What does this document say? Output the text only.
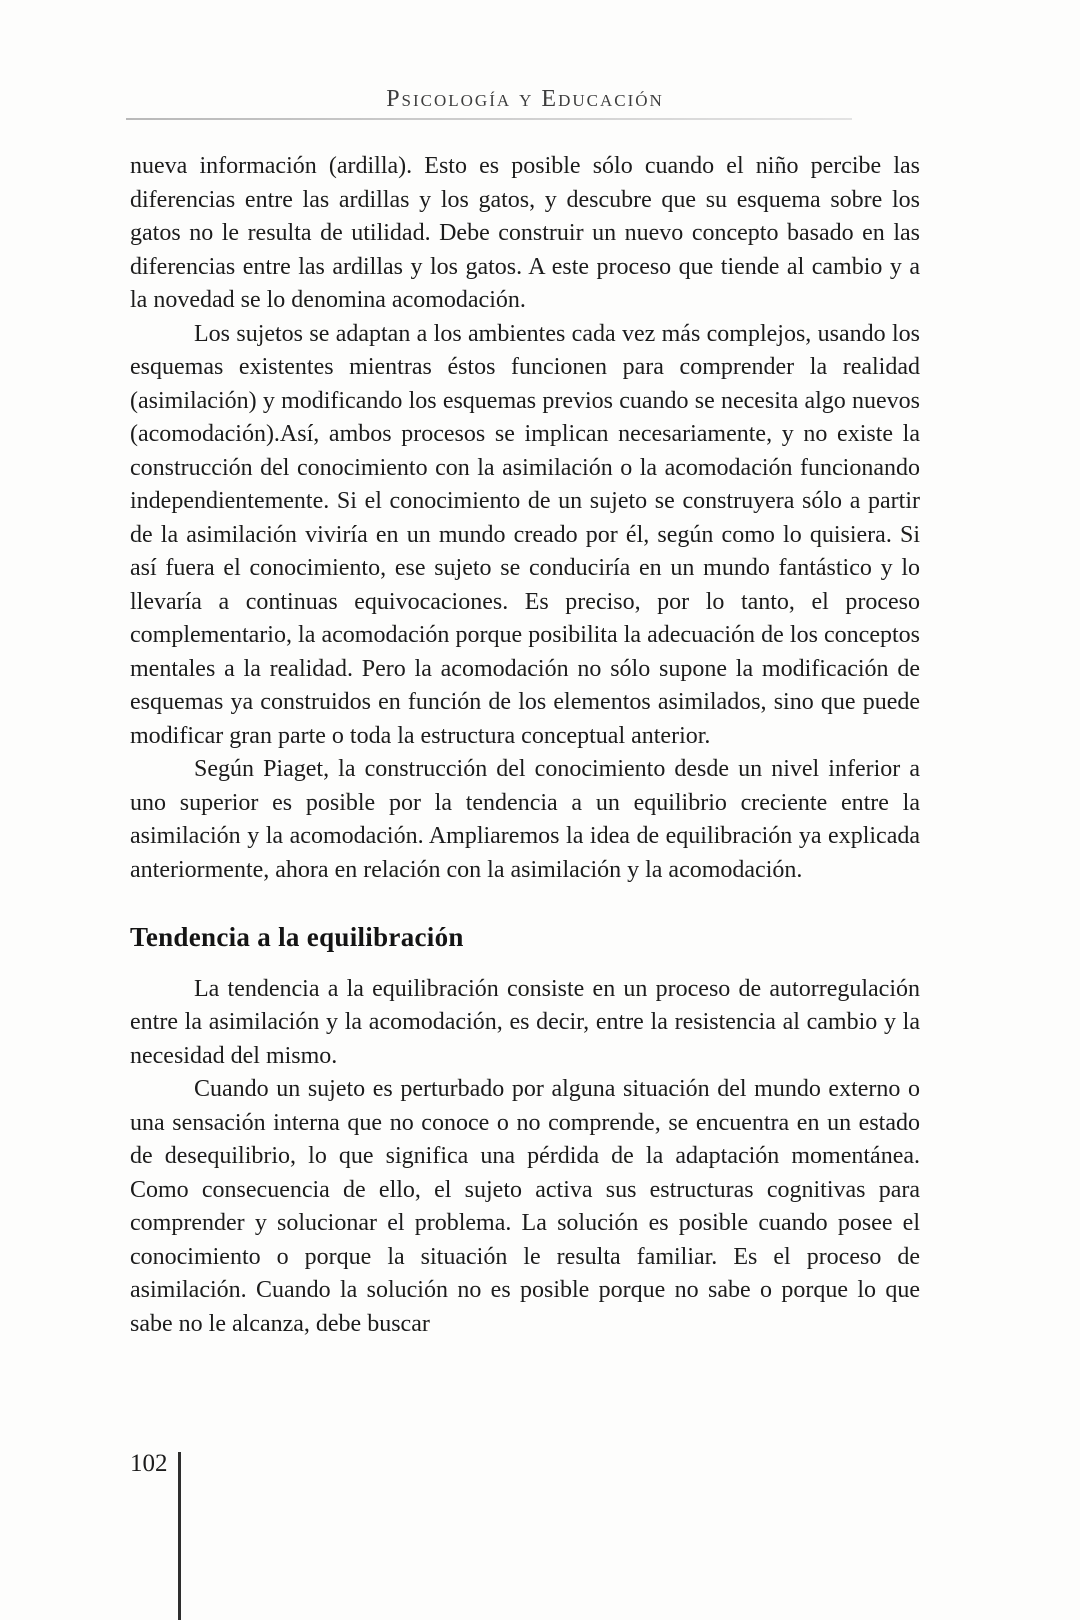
Psicología y Educación

nueva información (ardilla). Esto es posible sólo cuando el niño percibe las diferencias entre las ardillas y los gatos, y descubre que su esquema sobre los gatos no le resulta de utilidad. Debe construir un nuevo concepto basado en las diferencias entre las ardillas y los gatos. A este proceso que tiende al cambio y a la novedad se lo denomina acomodación.

Los sujetos se adaptan a los ambientes cada vez más complejos, usando los esquemas existentes mientras éstos funcionen para comprender la realidad (asimilación) y modificando los esquemas previos cuando se necesita algo nuevos (acomodación).Así, ambos procesos se implican necesariamente, y no existe la construcción del conocimiento con la asimilación o la acomodación funcionando independientemente. Si el conocimiento de un sujeto se construyera sólo a partir de la asimilación viviría en un mundo creado por él, según como lo quisiera. Si así fuera el conocimiento, ese sujeto se conduciría en un mundo fantástico y lo llevaría a continuas equivocaciones. Es preciso, por lo tanto, el proceso complementario, la acomodación porque posibilita la adecuación de los conceptos mentales a la realidad. Pero la acomodación no sólo supone la modificación de esquemas ya construidos en función de los elementos asimilados, sino que puede modificar gran parte o toda la estructura conceptual anterior.

Según Piaget, la construcción del conocimiento desde un nivel inferior a uno superior es posible por la tendencia a un equilibrio creciente entre la asimilación y la acomodación. Ampliaremos la idea de equilibración ya explicada anteriormente, ahora en relación con la asimilación y la acomodación.

Tendencia a la equilibración

La tendencia a la equilibración consiste en un proceso de autorregulación entre la asimilación y la acomodación, es decir, entre la resistencia al cambio y la necesidad del mismo.

Cuando un sujeto es perturbado por alguna situación del mundo externo o una sensación interna que no conoce o no comprende, se encuentra en un estado de desequilibrio, lo que significa una pérdida de la adaptación momentánea. Como consecuencia de ello, el sujeto activa sus estructuras cognitivas para comprender y solucionar el problema. La solución es posible cuando posee el conocimiento o porque la situación le resulta familiar. Es el proceso de asimilación. Cuando la solución no es posible porque no sabe o porque lo que sabe no le alcanza, debe buscar

102
